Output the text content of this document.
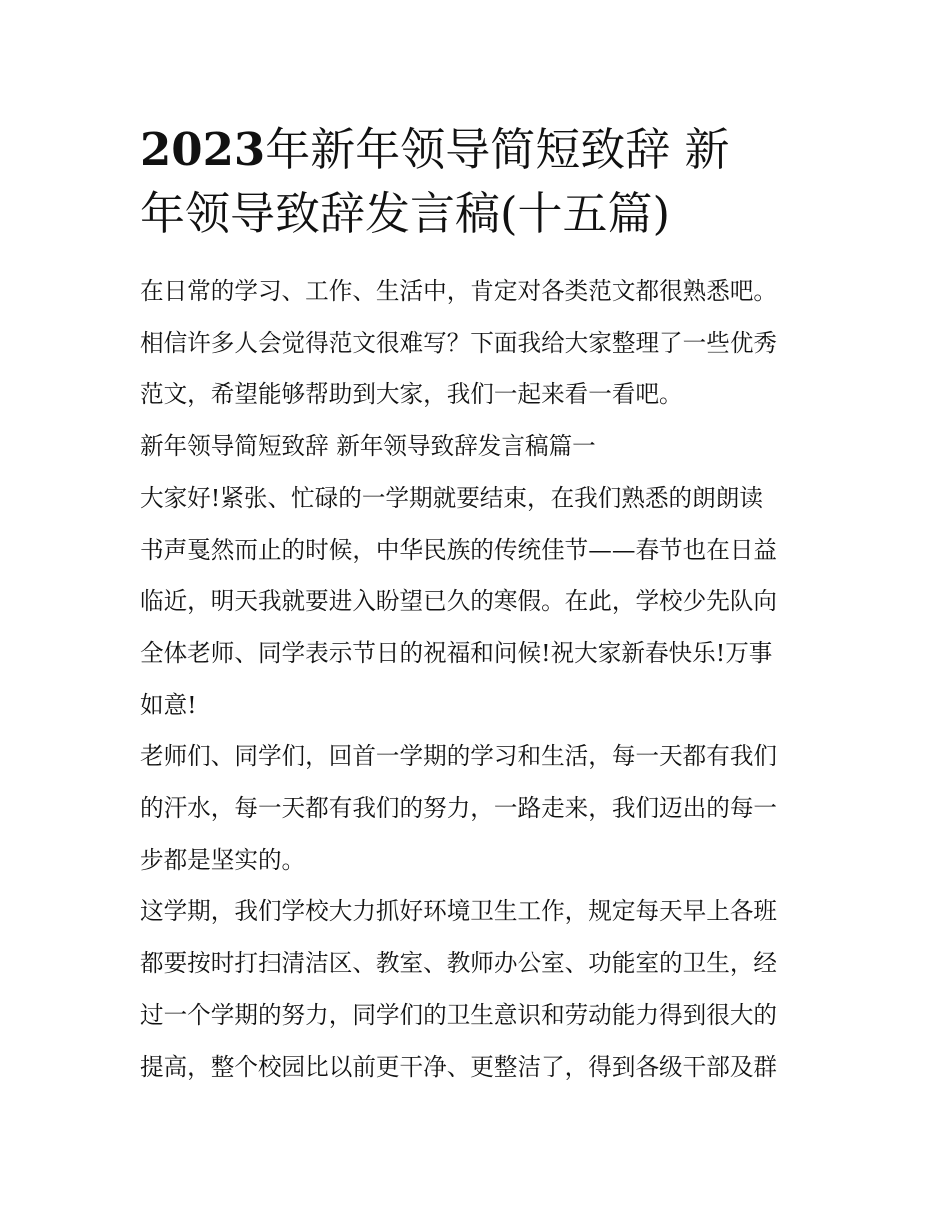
2023年新年领导简短致辞 新
年领导致辞发言稿(十五篇)
在日常的学习、工作、生活中，肯定对各类范文都很熟悉吧。
相信许多人会觉得范文很难写？下面我给大家整理了一些优秀
范文，希望能够帮助到大家，我们一起来看一看吧。
新年领导简短致辞 新年领导致辞发言稿篇一
大家好!紧张、忙碌的一学期就要结束，在我们熟悉的朗朗读
书声戛然而止的时候，中华民族的传统佳节——春节也在日益
临近，明天我就要进入盼望已久的寒假。在此，学校少先队向
全体老师、同学表示节日的祝福和问候!祝大家新春快乐!万事
如意!
老师们、同学们，回首一学期的学习和生活，每一天都有我们
的汗水，每一天都有我们的努力，一路走来，我们迈出的每一
步都是坚实的。
这学期，我们学校大力抓好环境卫生工作，规定每天早上各班
都要按时打扫清洁区、教室、教师办公室、功能室的卫生，经
过一个学期的努力，同学们的卫生意识和劳动能力得到很大的
提高，整个校园比以前更干净、更整洁了，得到各级干部及群
